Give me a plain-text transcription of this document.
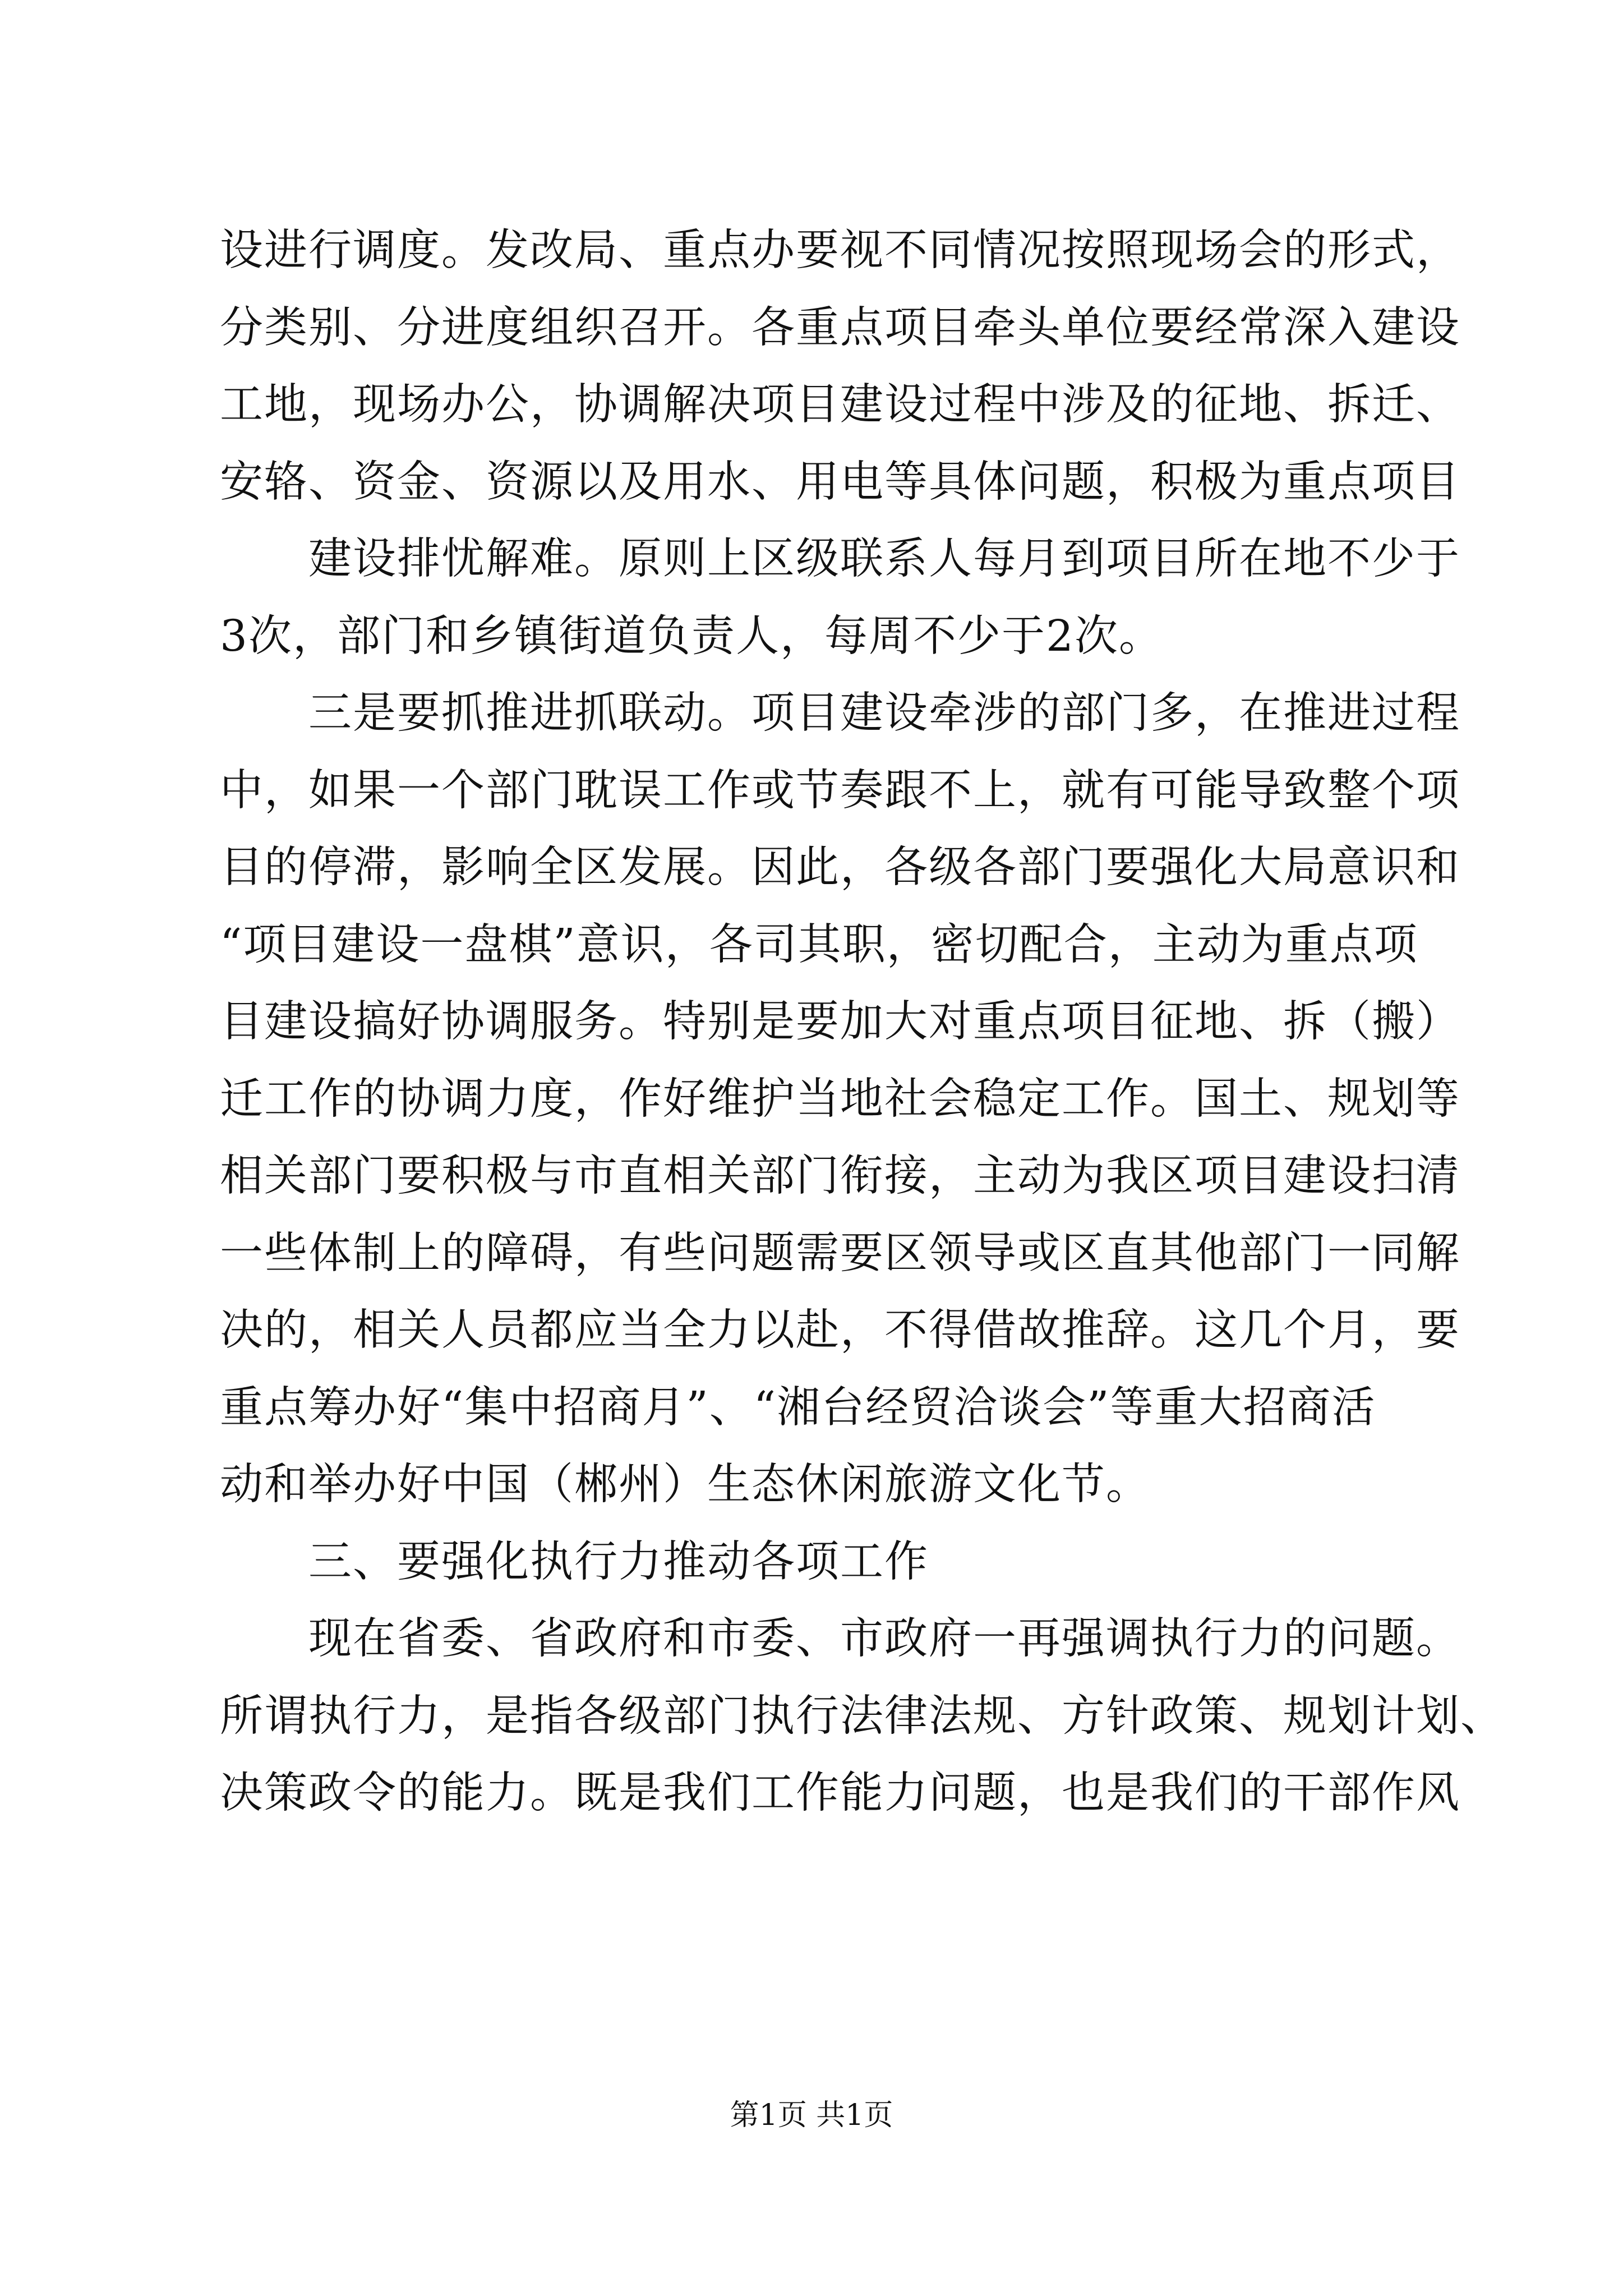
设进行调度。发改局、重点办要视不同情况按照现场会的形式，
分类别、分进度组织召开。各重点项目牵头单位要经常深入建设
工地，现场办公，协调解决项目建设过程中涉及的征地、拆迁、
安辂、资金、资源以及用水、用电等具体问题，积极为重点项目
建设排忧解难。原则上区级联系人每月到项目所在地不少于
3次，部门和乡镇街道负责人，每周不少于2次。
三是要抓推进抓联动。项目建设牵涉的部门多，在推进过程
中，如果一个部门耽误工作或节奏跟不上，就有可能导致整个项
目的停滞，影响全区发展。因此，各级各部门要强化大局意识和
“项目建设一盘棋”意识，各司其职，密切配合，主动为重点项
目建设搞好协调服务。特别是要加大对重点项目征地、拆（搬）
迁工作的协调力度，作好维护当地社会稳定工作。国土、规划等
相关部门要积极与市直相关部门衔接，主动为我区项目建设扫清
一些体制上的障碍，有些问题需要区领导或区直其他部门一同解
决的，相关人员都应当全力以赴，不得借故推辞。这几个月，要
重点筹办好“集中招商月”、“湘台经贸洽谈会”等重大招商活
动和举办好中国（郴州）生态休闲旅游文化节。
三、要强化执行力推动各项工作
现在省委、省政府和市委、市政府一再强调执行力的问题。
所谓执行力，是指各级部门执行法律法规、方针政策、规划计划、
决策政令的能力。既是我们工作能力问题，也是我们的干部作风
第1页 共1页
